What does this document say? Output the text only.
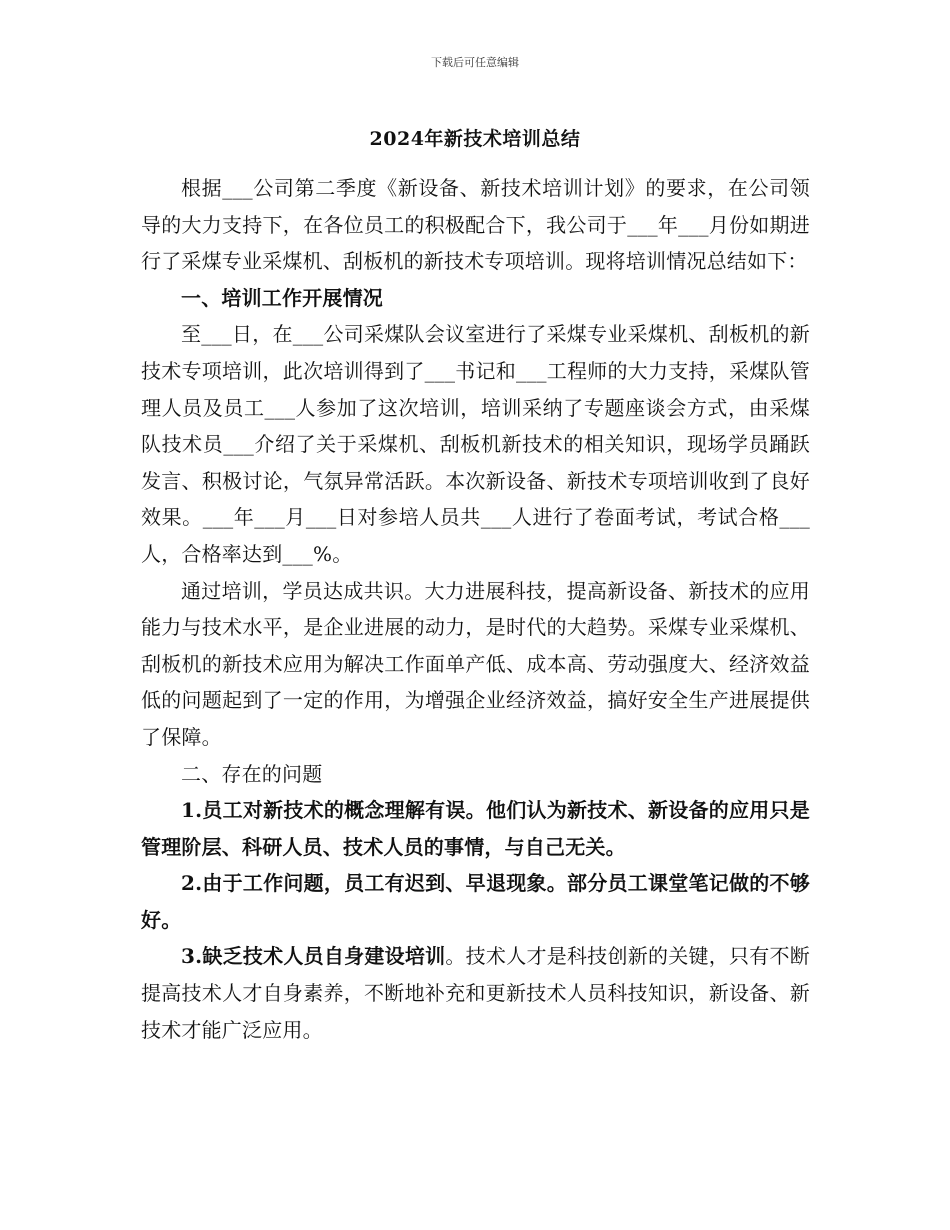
下载后可任意编辑
2024年新技术培训总结

根据___公司第二季度《新设备、新技术培训计划》的要求，在公司领导的大力支持下，在各位员工的积极配合下，我公司于___年___月份如期进行了采煤专业采煤机、刮板机的新技术专项培训。现将培训情况总结如下：

一、培训工作开展情况

至___日，在___公司采煤队会议室进行了采煤专业采煤机、刮板机的新技术专项培训，此次培训得到了___书记和___工程师的大力支持，采煤队管理人员及员工___人参加了这次培训，培训采纳了专题座谈会方式，由采煤队技术员___介绍了关于采煤机、刮板机新技术的相关知识，现场学员踊跃发言、积极讨论，气氛异常活跃。本次新设备、新技术专项培训收到了良好效果。___年___月___日对参培人员共___人进行了卷面考试，考试合格___人，合格率达到___%。

通过培训，学员达成共识。大力进展科技，提高新设备、新技术的应用能力与技术水平，是企业进展的动力，是时代的大趋势。采煤专业采煤机、刮板机的新技术应用为解决工作面单产低、成本高、劳动强度大、经济效益低的问题起到了一定的作用，为增强企业经济效益，搞好安全生产进展提供了保障。

二、存在的问题

1.员工对新技术的概念理解有误。他们认为新技术、新设备的应用只是管理阶层、科研人员、技术人员的事情，与自己无关。

2.由于工作问题，员工有迟到、早退现象。部分员工课堂笔记做的不够好。

3.缺乏技术人员自身建设培训。技术人才是科技创新的关键，只有不断提高技术人才自身素养，不断地补充和更新技术人员科技知识，新设备、新技术才能广泛应用。
